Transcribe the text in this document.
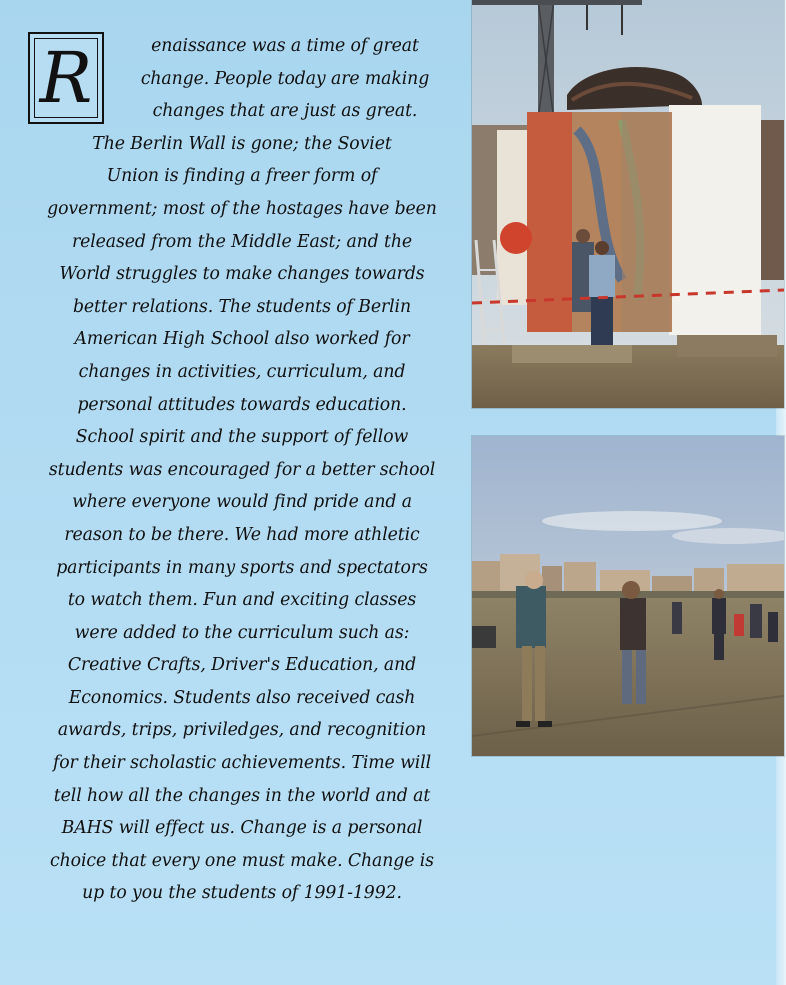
R	enaissance was a time of great
change. People today are making
changes that are just as great.
The Berlin Wall is gone; the Soviet
Union is finding a freer form of
government; most of the hostages have been
released from the Middle East; and the
World struggles to make changes towards
better relations. The students of Berlin
American High School also worked for
changes in activities, curriculum, and
personal attitudes towards education.
School spirit and the support of fellow
students was encouraged for a better school
where everyone would find pride and a
reason to be there. We had more athletic
participants in many sports and spectators
to watch them. Fun and exciting classes
were added to the curriculum such as:
Creative Crafts, Driver's Education, and
Economics. Students also received cash
awards, trips, priviledges, and recognition
for their scholastic achievements. Time will
tell how all the changes in the world and at
BAHS will effect us. Change is a personal
choice that every one must make. Change is
up to you the students of 1991-1992.
